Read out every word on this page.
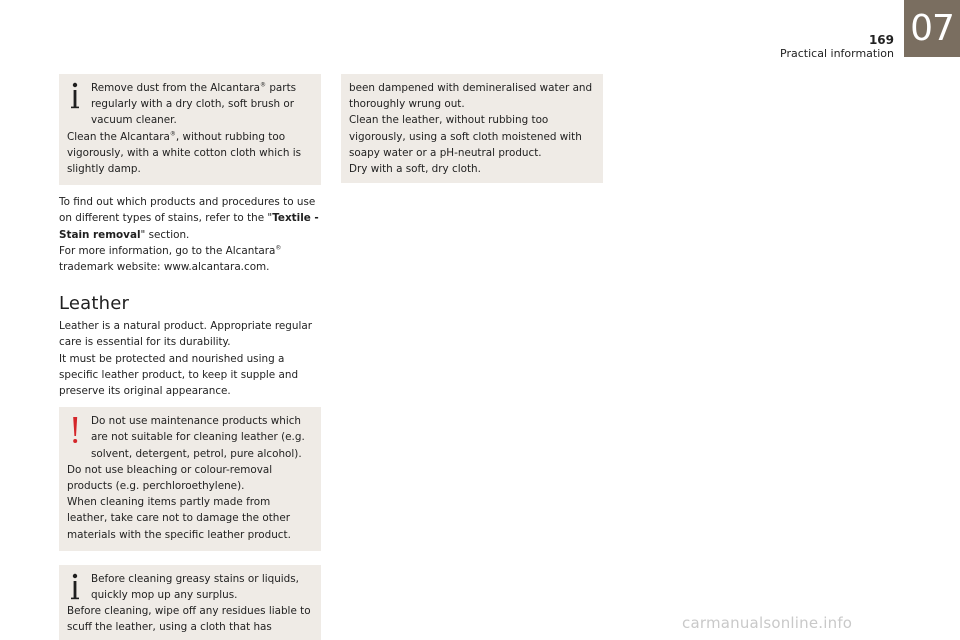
169
Practical information
07

Remove dust from the Alcantara® parts regularly with a dry cloth, soft brush or vacuum cleaner.

Clean the Alcantara®, without rubbing too vigorously, with a white cotton cloth which is slightly damp.

To find out which products and procedures to use on different types of stains, refer to the "Textile - Stain removal" section.

For more information, go to the Alcantara® trademark website: www.alcantara.com.

Leather

Leather is a natural product. Appropriate regular care is essential for its durability.

It must be protected and nourished using a specific leather product, to keep it supple and preserve its original appearance.

Do not use maintenance products which are not suitable for cleaning leather (e.g. solvent, detergent, petrol, pure alcohol).

Do not use bleaching or colour-removal products (e.g. perchloroethylene).

When cleaning items partly made from leather, take care not to damage the other materials with the specific leather product.

Before cleaning greasy stains or liquids, quickly mop up any surplus.

Before cleaning, wipe off any residues liable to scuff the leather, using a cloth that has

been dampened with demineralised water and thoroughly wrung out.

Clean the leather, without rubbing too vigorously, using a soft cloth moistened with soapy water or a pH-neutral product.

Dry with a soft, dry cloth.

carmanualsonline.info
